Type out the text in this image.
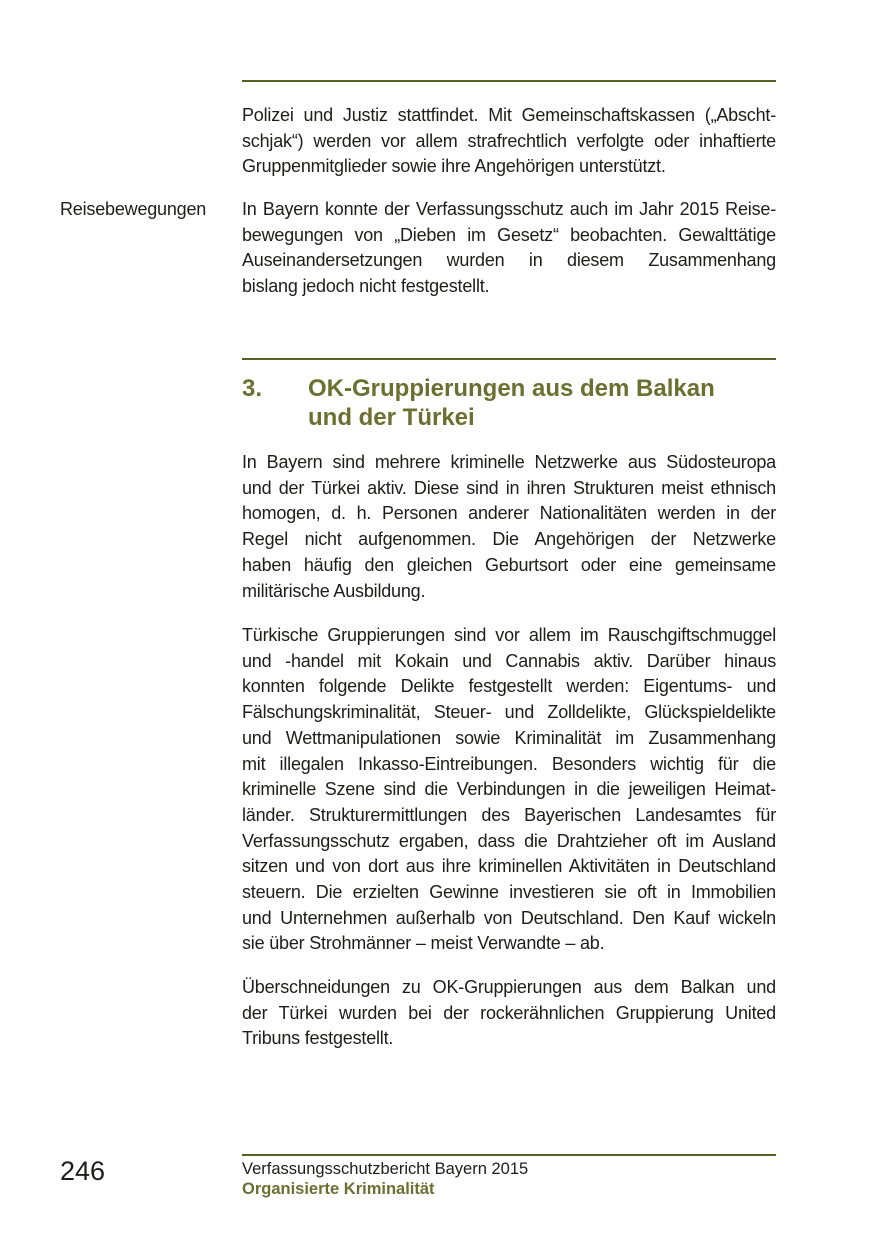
Polizei und Justiz stattfindet. Mit Gemeinschaftskassen („Abscht-
schjak“) werden vor allem strafrechtlich verfolgte oder inhaftierte
Gruppenmitglieder sowie ihre Angehörigen unterstützt.
Reisebewegungen	In Bayern konnte der Verfassungsschutz auch im Jahr 2015 Reise-
bewegungen von „Dieben im Gesetz“ beobachten. Gewalttätige
Auseinandersetzungen wurden in diesem Zusammenhang
bislang jedoch nicht festgestellt.
3.	OK-Gruppierungen aus dem Balkan
und der Türkei
In Bayern sind mehrere kriminelle Netzwerke aus Südosteuropa
und der Türkei aktiv. Diese sind in ihren Strukturen meist ethnisch
homogen, d. h. Personen anderer Nationalitäten werden in der
Regel nicht aufgenommen. Die Angehörigen der Netzwerke
haben häufig den gleichen Geburtsort oder eine gemeinsame
militärische Ausbildung.
Türkische Gruppierungen sind vor allem im Rauschgiftschmuggel
und -handel mit Kokain und Cannabis aktiv. Darüber hinaus
konnten folgende Delikte festgestellt werden: Eigentums- und
Fälschungskriminalität, Steuer- und Zolldelikte, Glückspieldelikte
und Wettmanipulationen sowie Kriminalität im Zusammenhang
mit illegalen Inkasso-Eintreibungen. Besonders wichtig für die
kriminelle Szene sind die Verbindungen in die jeweiligen Heimat-
länder. Strukturermittlungen des Bayerischen Landesamtes für
Verfassungsschutz ergaben, dass die Drahtzieher oft im Ausland
sitzen und von dort aus ihre kriminellen Aktivitäten in Deutschland
steuern. Die erzielten Gewinne investieren sie oft in Immobilien
und Unternehmen außerhalb von Deutschland. Den Kauf wickeln
sie über Strohmänner – meist Verwandte – ab.
Überschneidungen zu OK-Gruppierungen aus dem Balkan und
der Türkei wurden bei der rockerähnlichen Gruppierung United
Tribuns festgestellt.
246	Verfassungsschutzbericht Bayern 2015
Organisierte Kriminalität
